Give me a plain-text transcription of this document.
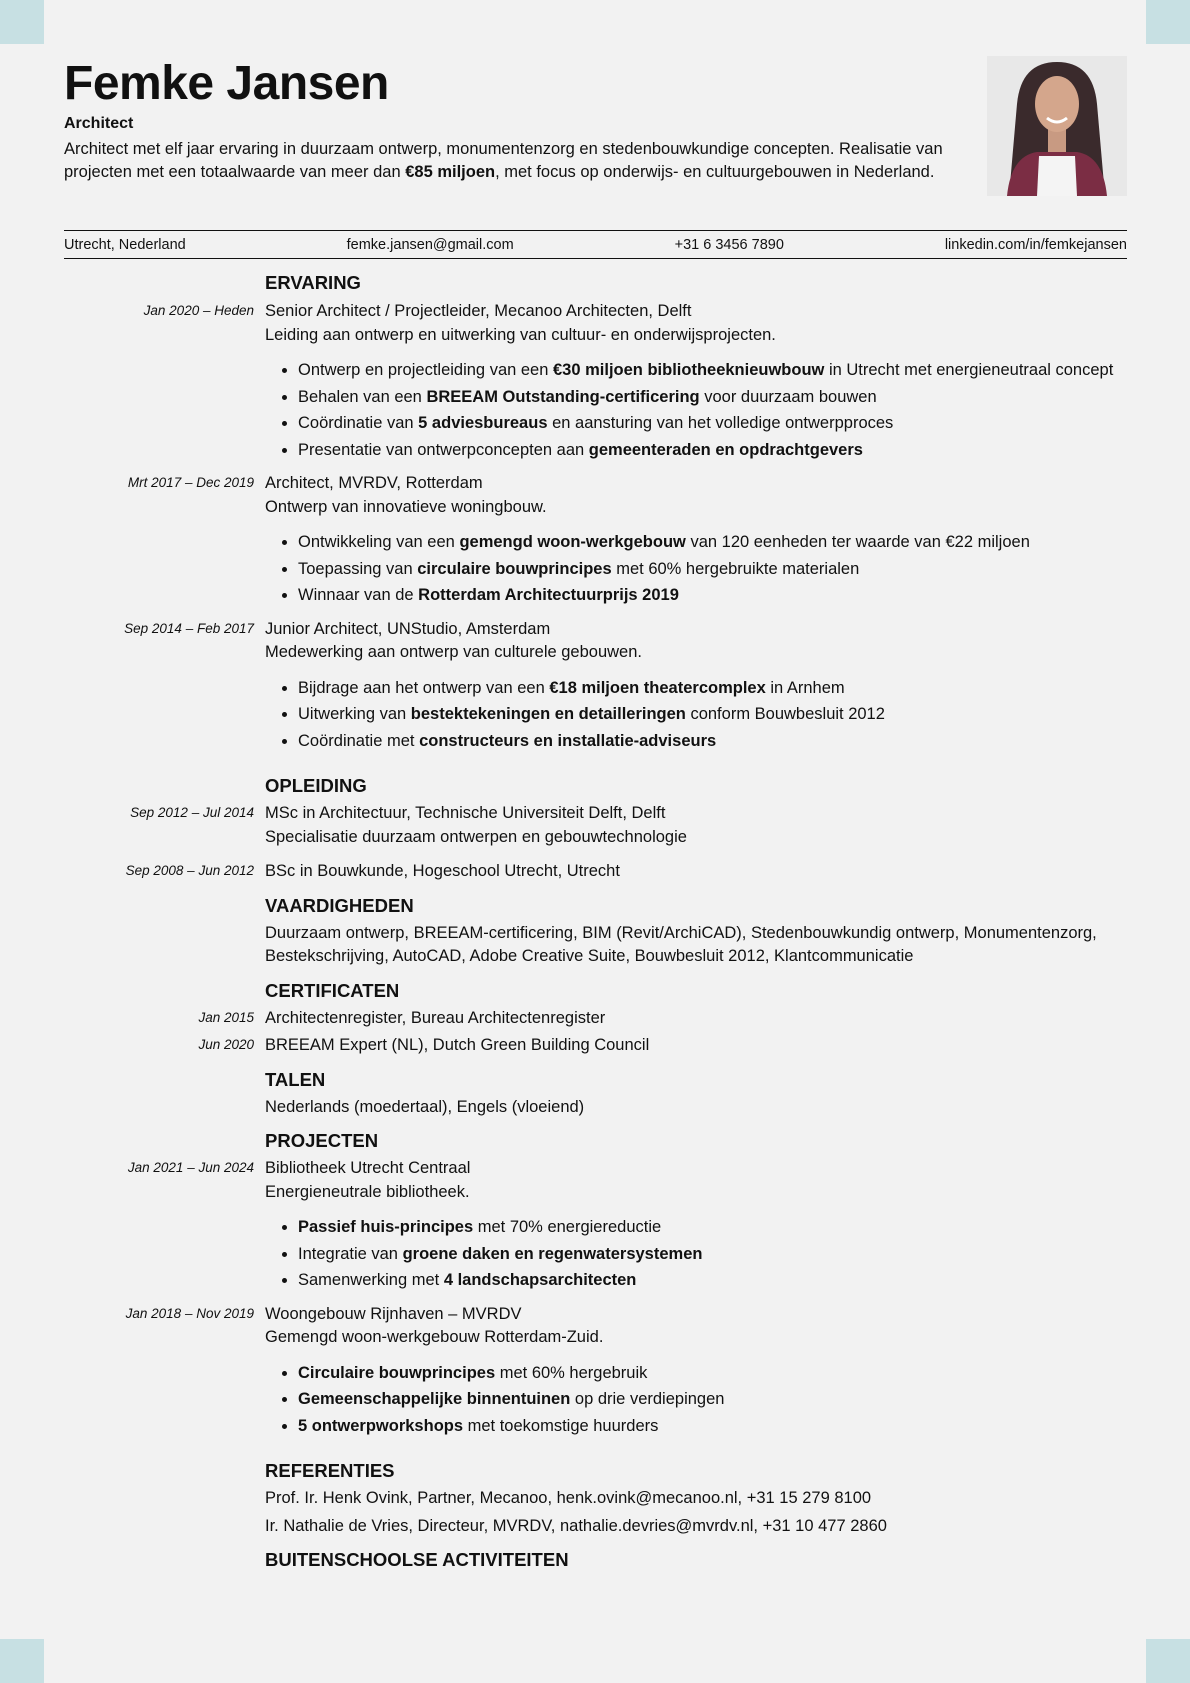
Femke Jansen
Architect

Architect met elf jaar ervaring in duurzaam ontwerp, monumentenzorg en stedenbouwkundige concepten. Realisatie van projecten met een totaalwaarde van meer dan €85 miljoen, met focus op onderwijs- en cultuurgebouwen in Nederland.

Utrecht, Nederland	femke.jansen@gmail.com	+31 6 3456 7890	linkedin.com/in/femkejansen
ERVARING
Jan 2020 – Heden Senior Architect / Projectleider, Mecanoo Architecten, Delft
Leiding aan ontwerp en uitwerking van cultuur- en onderwijsprojecten.
• Ontwerp en projectleiding van een €30 miljoen bibliotheeknieuwbouw in Utrecht met energieneutraal concept
• Behalen van een BREEAM Outstanding-certificering voor duurzaam bouwen
• Coördinatie van 5 adviesbureaus en aansturing van het volledige ontwerpproces
• Presentatie van ontwerpconcepten aan gemeenteraden en opdrachtgevers
Mrt 2017 – Dec 2019 Architect, MVRDV, Rotterdam
Ontwerp van innovatieve woningbouw.
• Ontwikkeling van een gemengd woon-werkgebouw van 120 eenheden ter waarde van €22 miljoen
• Toepassing van circulaire bouwprincipes met 60% hergebruikte materialen
• Winnaar van de Rotterdam Architectuurprijs 2019
Sep 2014 – Feb 2017 Junior Architect, UNStudio, Amsterdam
Medewerking aan ontwerp van culturele gebouwen.
• Bijdrage aan het ontwerp van een €18 miljoen theatercomplex in Arnhem
• Uitwerking van bestektekeningen en detailleringen conform Bouwbesluit 2012
• Coördinatie met constructeurs en installatie-adviseurs
OPLEIDING
Sep 2012 – Jul 2014 MSc in Architectuur, Technische Universiteit Delft, Delft
Specialisatie duurzaam ontwerpen en gebouwtechnologie
Sep 2008 – Jun 2012 BSc in Bouwkunde, Hogeschool Utrecht, Utrecht
VAARDIGHEDEN
Duurzaam ontwerp, BREEAM-certificering, BIM (Revit/ArchiCAD), Stedenbouwkundig ontwerp, Monumentenzorg, Bestekschrijving, AutoCAD, Adobe Creative Suite, Bouwbesluit 2012, Klantcommunicatie
CERTIFICATEN
Jan 2015 Architectenregister, Bureau Architectenregister
Jun 2020 BREEAM Expert (NL), Dutch Green Building Council
TALEN
Nederlands (moedertaal), Engels (vloeiend)
PROJECTEN
Jan 2021 – Jun 2024 Bibliotheek Utrecht Centraal
Energieneutrale bibliotheek.
• Passief huis-principes met 70% energiereductie
• Integratie van groene daken en regenwatersystemen
• Samenwerking met 4 landschapsarchitecten
Jan 2018 – Nov 2019 Woongebouw Rijnhaven – MVRDV
Gemengd woon-werkgebouw Rotterdam-Zuid.
• Circulaire bouwprincipes met 60% hergebruik
• Gemeenschappelijke binnentuinen op drie verdiepingen
• 5 ontwerpworkshops met toekomstige huurders
REFERENTIES
Prof. Ir. Henk Ovink, Partner, Mecanoo, henk.ovink@mecanoo.nl, +31 15 279 8100
Ir. Nathalie de Vries, Directeur, MVRDV, nathalie.devries@mvrdv.nl, +31 10 477 2860
BUITENSCHOOLSE ACTIVITEITEN
